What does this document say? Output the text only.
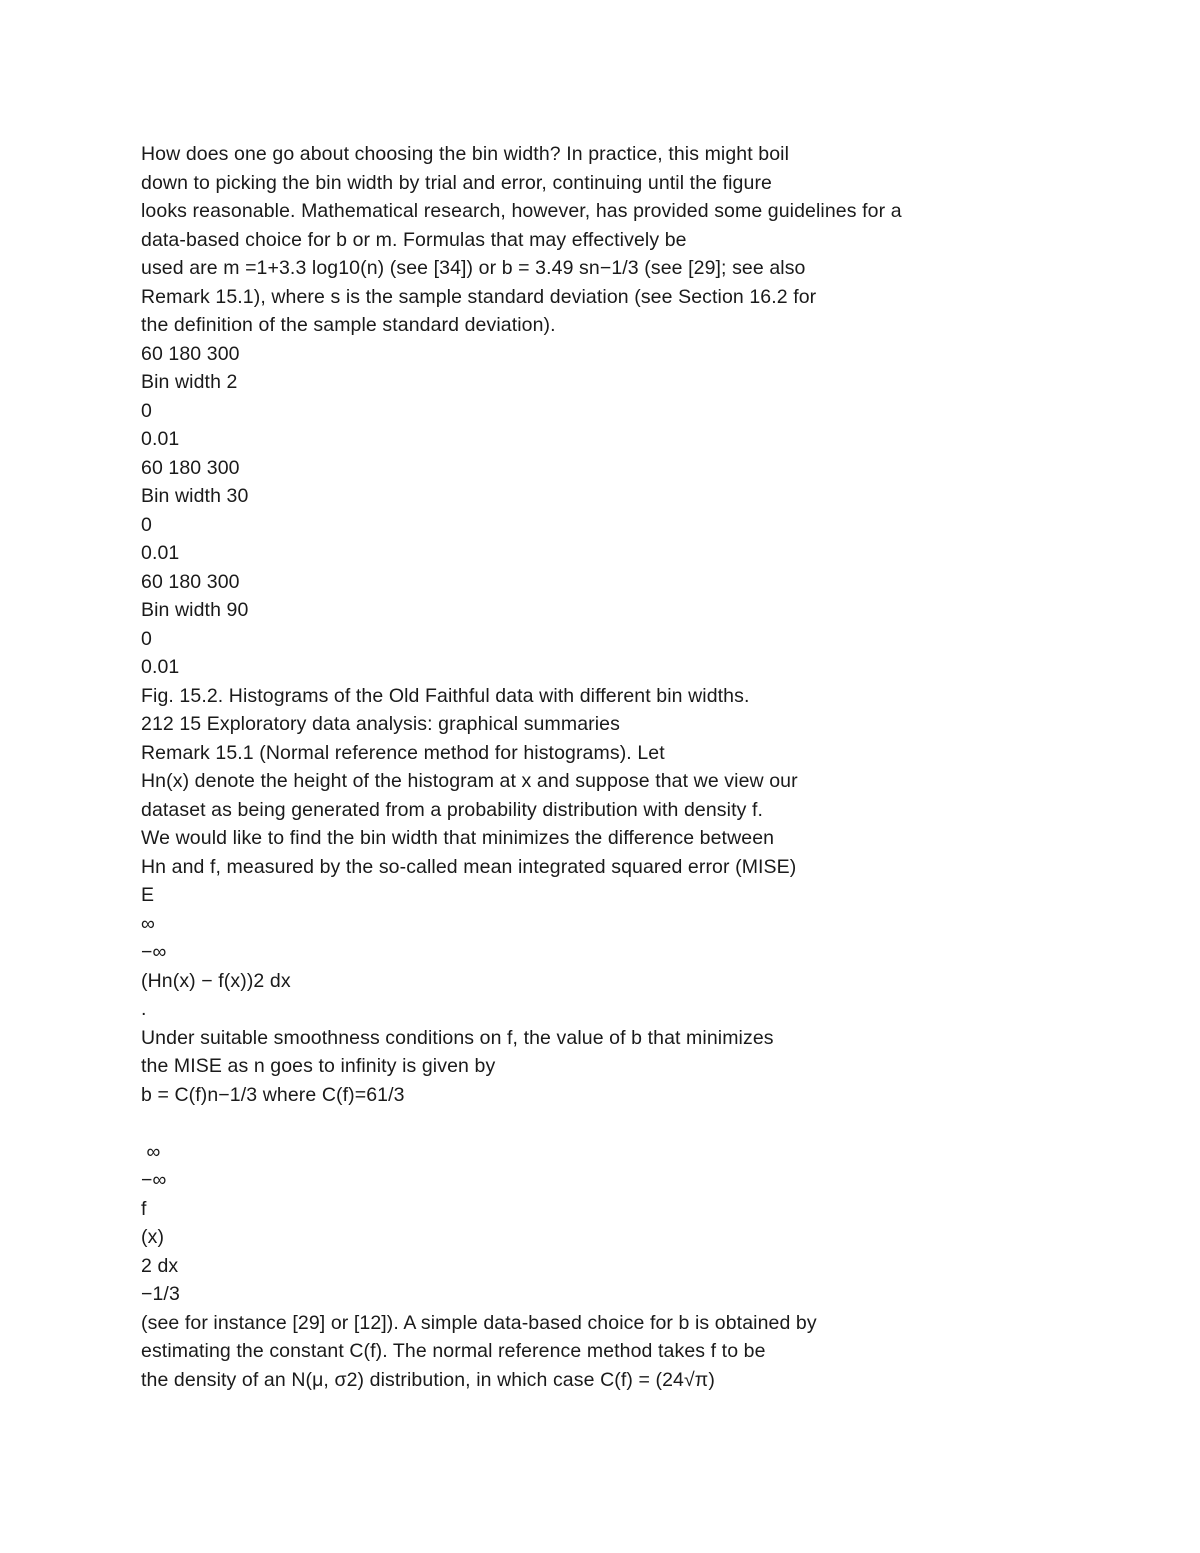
How does one go about choosing the bin width? In practice, this might boil
down to picking the bin width by trial and error, continuing until the figure
looks reasonable. Mathematical research, however, has provided some guidelines for a
data-based choice for b or m. Formulas that may effectively be
used are m =1+3.3 log10(n) (see [34]) or b = 3.49 sn−1/3 (see [29]; see also
Remark 15.1), where s is the sample standard deviation (see Section 16.2 for
the definition of the sample standard deviation).
60 180 300
Bin width 2
0
0.01
60 180 300
Bin width 30
0
0.01
60 180 300
Bin width 90
0
0.01
Fig. 15.2. Histograms of the Old Faithful data with different bin widths.
212 15 Exploratory data analysis: graphical summaries
Remark 15.1 (Normal reference method for histograms). Let
Hn(x) denote the height of the histogram at x and suppose that we view our
dataset as being generated from a probability distribution with density f.
We would like to find the bin width that minimizes the difference between
Hn and f, measured by the so-called mean integrated squared error (MISE)
E
∞
−∞
(Hn(x) − f(x))2 dx
.
Under suitable smoothness conditions on f, the value of b that minimizes
the MISE as n goes to infinity is given by
b = C(f)n−1/3 where C(f)=61/3
∞
−∞
f
(x)
2 dx
−1/3
(see for instance [29] or [12]). A simple data-based choice for b is obtained by
estimating the constant C(f). The normal reference method takes f to be
the density of an N(μ, σ2) distribution, in which case C(f) = (24√π)
